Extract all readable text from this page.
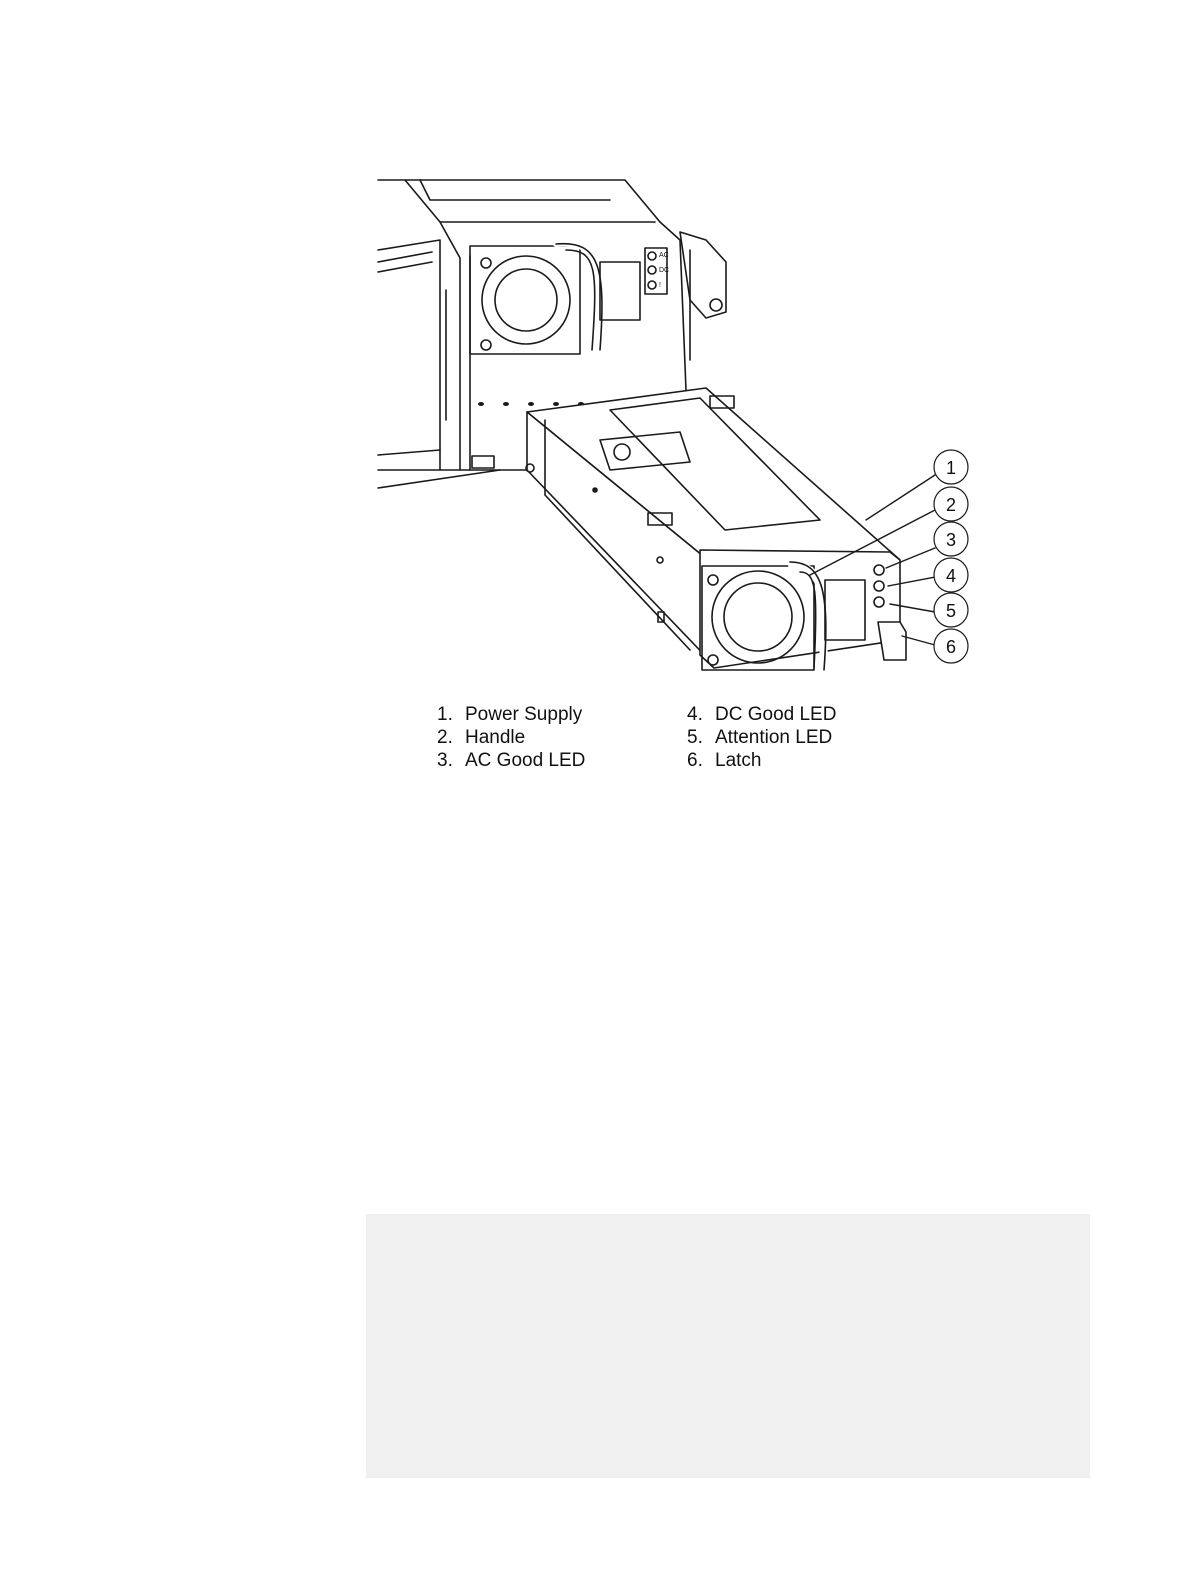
1
2
3
4
5
6
AC
DC
!
1. Power Supply
2. Handle
3. AC Good LED
4. DC Good LED
5. Attention LED
6. Latch
